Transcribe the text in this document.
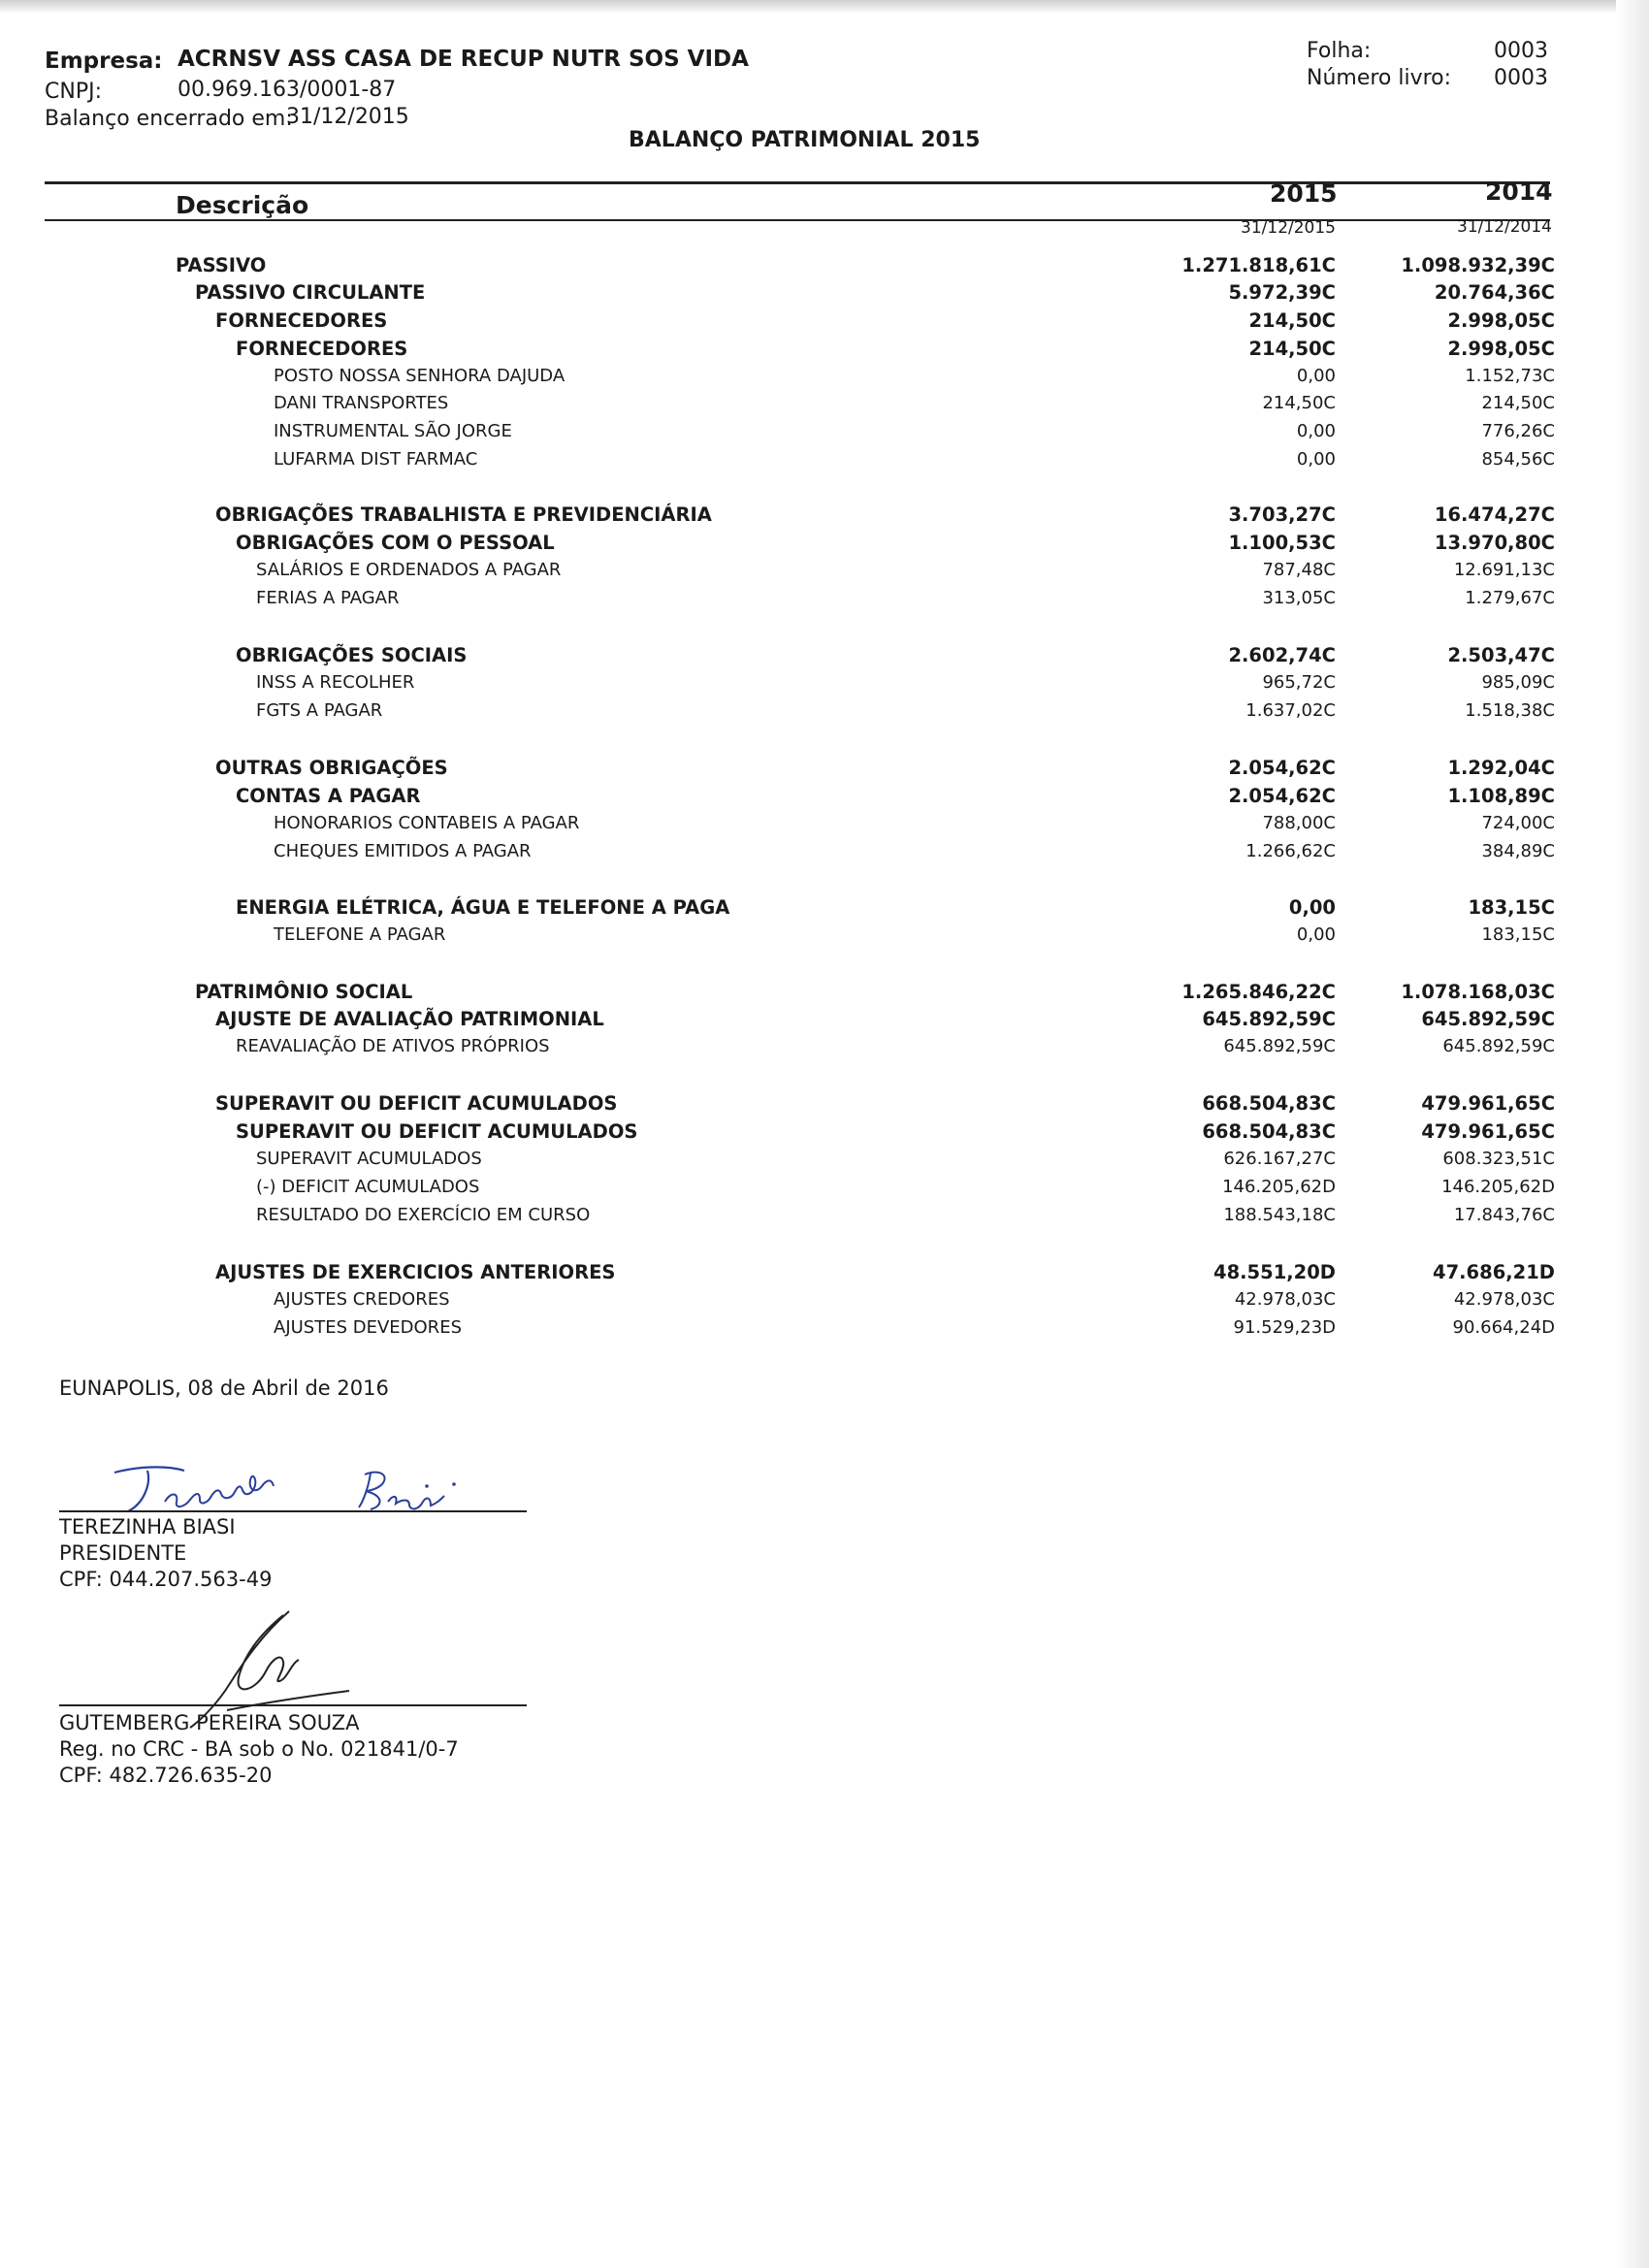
Empresa: ACRNSV ASS CASA DE RECUP NUTR SOS VIDA
CNPJ:	00.969.163/0001-87
Balanço encerrado em:
31/12/2015
Folha:	0003
Número livro: 0003
BALANÇO PATRIMONIAL 2015
Descrição	2015	2014
31/12/2015	31/12/2014
PASSIVO	1.271.818,61C	1.098.932,39C
PASSIVO CIRCULANTE	5.972,39C	20.764,36C
FORNECEDORES	214,50C	2.998,05C
FORNECEDORES	214,50C	2.998,05C
POSTO NOSSA SENHORA DAJUDA	0,00	1.152,73C
DANI TRANSPORTES	214,50C	214,50C
INSTRUMENTAL SÃO JORGE	0,00	776,26C
LUFARMA DIST FARMAC	0,00	854,56C
OBRIGAÇÕES TRABALHISTA E PREVIDENCIÁRIA	3.703,27C	16.474,27C
OBRIGAÇÕES COM O PESSOAL	1.100,53C	13.970,80C
SALÁRIOS E ORDENADOS A PAGAR	787,48C	12.691,13C
FERIAS A PAGAR	313,05C	1.279,67C
OBRIGAÇÕES SOCIAIS	2.602,74C	2.503,47C
INSS A RECOLHER	965,72C	985,09C
FGTS A PAGAR	1.637,02C	1.518,38C
OUTRAS OBRIGAÇÕES	2.054,62C	1.292,04C
CONTAS A PAGAR	2.054,62C	1.108,89C
HONORARIOS CONTABEIS A PAGAR	788,00C	724,00C
CHEQUES EMITIDOS A PAGAR	1.266,62C	384,89C
ENERGIA ELÉTRICA, ÁGUA E TELEFONE A PAGA	0,00	183,15C
TELEFONE A PAGAR	0,00	183,15C
PATRIMÔNIO SOCIAL	1.265.846,22C	1.078.168,03C
AJUSTE DE AVALIAÇÃO PATRIMONIAL	645.892,59C	645.892,59C
REAVALIAÇÃO DE ATIVOS PRÓPRIOS	645.892,59C	645.892,59C
SUPERAVIT OU DEFICIT ACUMULADOS	668.504,83C	479.961,65C
SUPERAVIT OU DEFICIT ACUMULADOS	668.504,83C	479.961,65C
SUPERAVIT ACUMULADOS	626.167,27C	608.323,51C
(-) DEFICIT ACUMULADOS	146.205,62D	146.205,62D
RESULTADO DO EXERCÍCIO EM CURSO	188.543,18C	17.843,76C
AJUSTES DE EXERCICIOS ANTERIORES	48.551,20D	47.686,21D
AJUSTES CREDORES	42.978,03C	42.978,03C
AJUSTES DEVEDORES	91.529,23D	90.664,24D
EUNAPOLIS, 08 de Abril de 2016
TEREZINHA BIASI
PRESIDENTE
CPF: 044.207.563-49
GUTEMBERG PEREIRA SOUZA
Reg. no CRC - BA sob o No. 021841/0-7
CPF: 482.726.635-20
